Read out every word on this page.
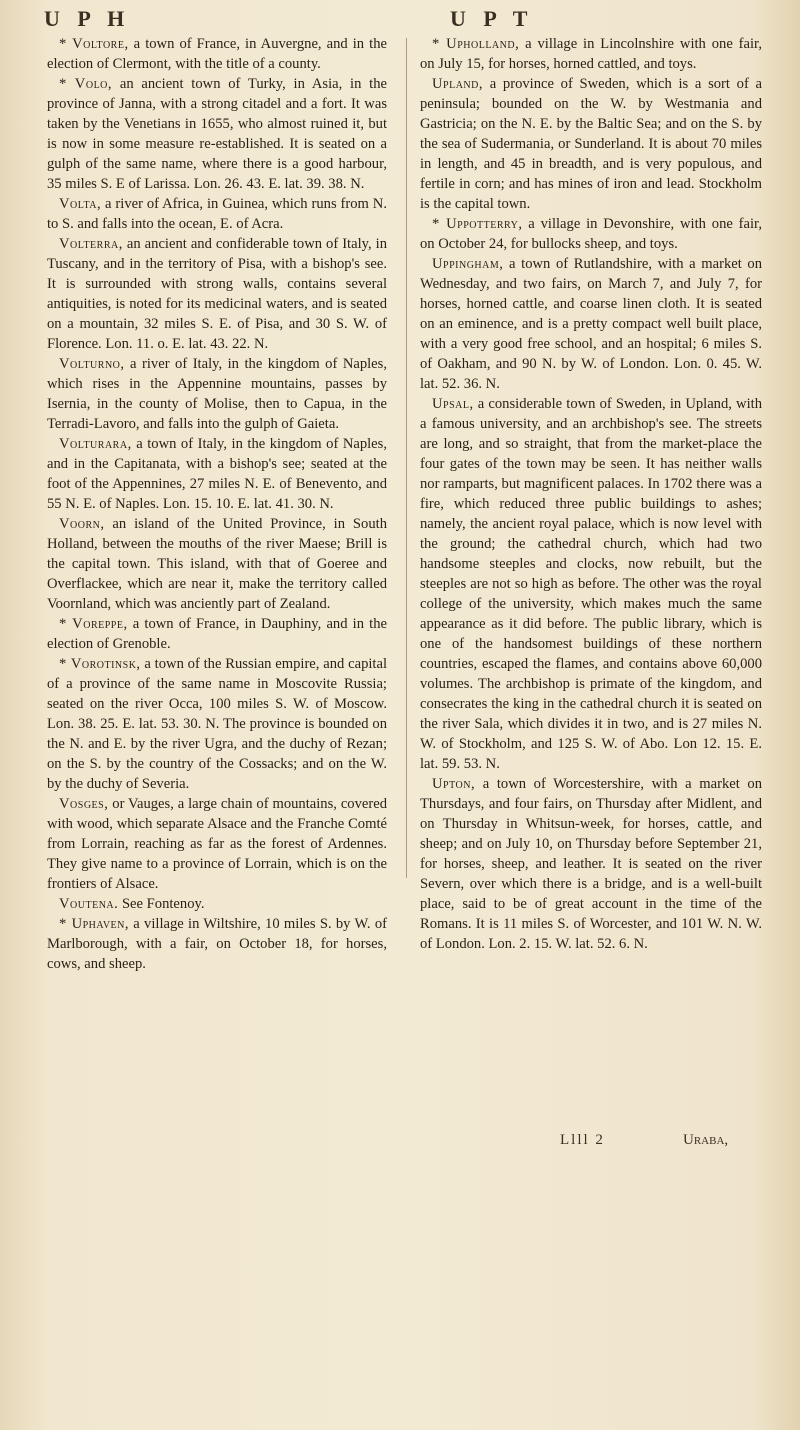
U P H	U P T

* Voltore, a town of France, in Auvergne, and in the election of Clermont, with the title of a county.

* Volo, an ancient town of Turky, in Asia, in the province of Janna, with a strong citadel and a fort. It was taken by the Venetians in 1655, who almost ruined it, but is now in some measure re-established. It is seated on a gulph of the same name, where there is a good harbour, 35 miles S. E of Larissa. Lon. 26. 43. E. lat. 39. 38. N.

Volta, a river of Africa, in Guinea, which runs from N. to S. and falls into the ocean, E. of Acra.

Volterra, an ancient and confiderable town of Italy, in Tuscany, and in the territory of Pisa, with a bishop's see. It is surrounded with strong walls, contains several antiquities, is noted for its medicinal waters, and is seated on a mountain, 32 miles S. E. of Pisa, and 30 S. W. of Florence. Lon. 11. o. E. lat. 43. 22. N.

Volturno, a river of Italy, in the kingdom of Naples, which rises in the Appennine mountains, passes by Isernia, in the county of Molise, then to Capua, in the Terradi-Lavoro, and falls into the gulph of Gaieta.

Volturara, a town of Italy, in the kingdom of Naples, and in the Capitanata, with a bishop's see; seated at the foot of the Appennines, 27 miles N. E. of Benevento, and 55 N. E. of Naples. Lon. 15. 10. E. lat. 41. 30. N.

Voorn, an island of the United Province, in South Holland, between the mouths of the river Maese; Brill is the capital town. This island, with that of Goeree and Overflackee, which are near it, make the territory called Voornland, which was anciently part of Zealand.

* Voreppe, a town of France, in Dauphiny, and in the election of Grenoble.

* Vorotinsk, a town of the Russian empire, and capital of a province of the same name in Moscovite Russia; seated on the river Occa, 100 miles S. W. of Moscow. Lon. 38. 25. E. lat. 53. 30. N. The province is bounded on the N. and E. by the river Ugra, and the duchy of Rezan; on the S. by the country of the Cossacks; and on the W. by the duchy of Severia.

Vosges, or Vauges, a large chain of mountains, covered with wood, which separate Alsace and the Franche Comté from Lorrain, reaching as far as the forest of Ardennes. They give name to a province of Lorrain, which is on the frontiers of Alsace.

Voutena. See Fontenoy.

* Uphaven, a village in Wiltshire, 10 miles S. by W. of Marlborough, with a fair, on October 18, for horses, cows, and sheep.

* Upholland, a village in Lincolnshire with one fair, on July 15, for horses, horned cattled, and toys.

Upland, a province of Sweden, which is a sort of a peninsula; bounded on the W. by Westmania and Gastricia; on the N. E. by the Baltic Sea; and on the S. by the sea of Sudermania, or Sunderland. It is about 70 miles in length, and 45 in breadth, and is very populous, and fertile in corn; and has mines of iron and lead. Stockholm is the capital town.

* Uppotterry, a village in Devonshire, with one fair, on October 24, for bullocks sheep, and toys.

Uppingham, a town of Rutlandshire, with a market on Wednesday, and two fairs, on March 7, and July 7, for horses, horned cattle, and coarse linen cloth. It is seated on an eminence, and is a pretty compact well built place, with a very good free school, and an hospital; 6 miles S. of Oakham, and 90 N. by W. of London. Lon. 0. 45. W. lat. 52. 36. N.

Upsal, a considerable town of Sweden, in Upland, with a famous university, and an archbishop's see. The streets are long, and so straight, that from the market-place the four gates of the town may be seen. It has neither walls nor ramparts, but magnificent palaces. In 1702 there was a fire, which reduced three public buildings to ashes; namely, the ancient royal palace, which is now level with the ground; the cathedral church, which had two handsome steeples and clocks, now rebuilt, but the steeples are not so high as before. The other was the royal college of the university, which makes much the same appearance as it did before. The public library, which is one of the handsomest buildings of these northern countries, escaped the flames, and contains above 60,000 volumes. The archbishop is primate of the kingdom, and consecrates the king in the cathedral church it is seated on the river Sala, which divides it in two, and is 27 miles N. W. of Stockholm, and 125 S. W. of Abo. Lon 12. 15. E. lat. 59. 53. N.

Upton, a town of Worcestershire, with a market on Thursdays, and four fairs, on Thursday after Midlent, and on Thursday in Whitsun-week, for horses, cattle, and sheep; and on July 10, on Thursday before September 21, for horses, sheep, and leather. It is seated on the river Severn, over which there is a bridge, and is a well-built place, said to be of great account in the time of the Romans. It is 11 miles S. of Worcester, and 101 W. N. W. of London. Lon. 2. 15. W. lat. 52. 6. N.

Llll 2	Uraba,
